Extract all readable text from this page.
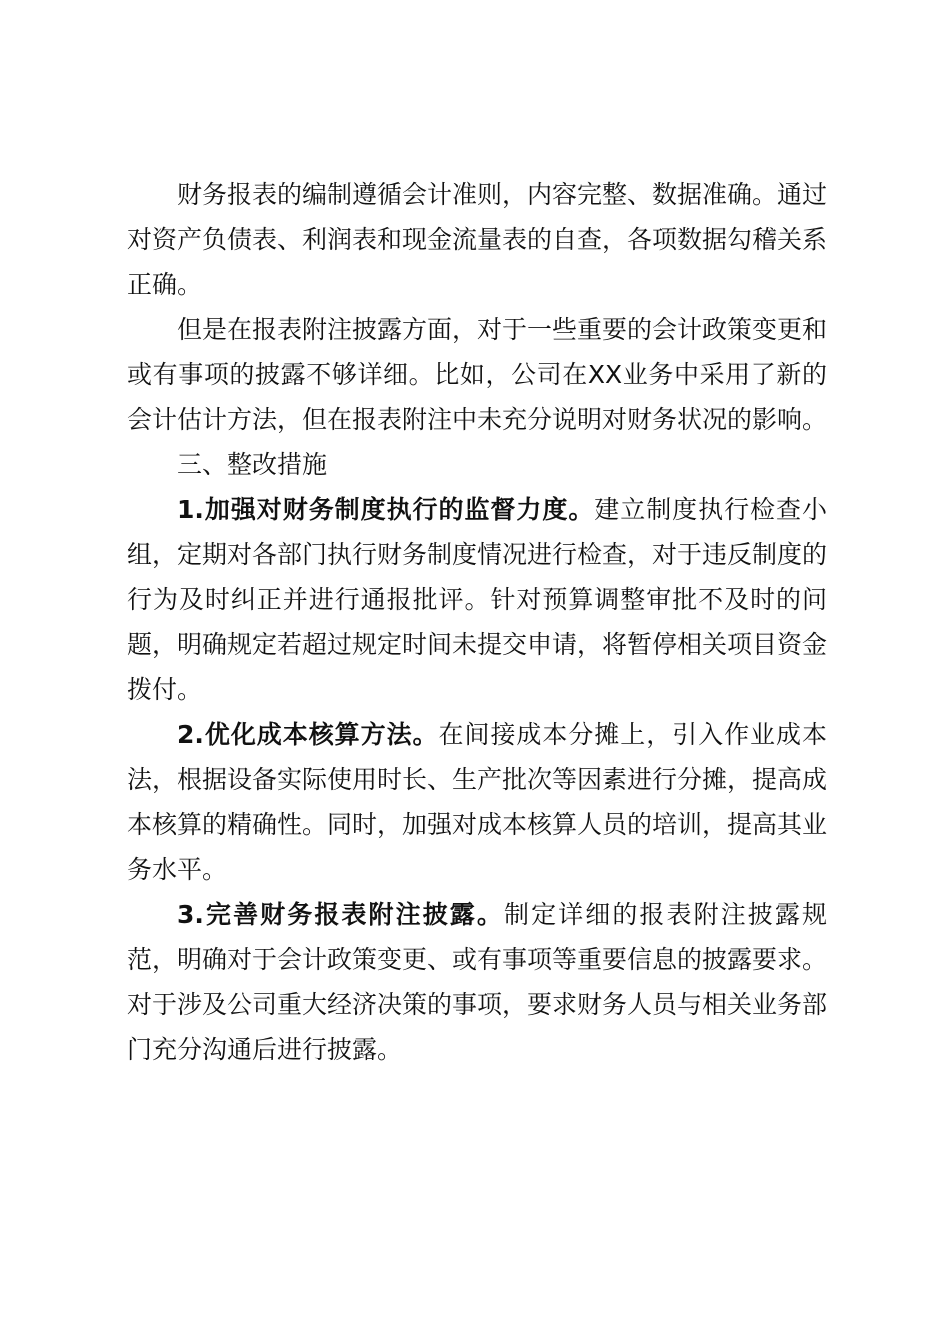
财务报表的编制遵循会计准则，内容完整、数据准确。通过对资产负债表、利润表和现金流量表的自查，各项数据勾稽关系正确。

但是在报表附注披露方面，对于一些重要的会计政策变更和或有事项的披露不够详细。比如，公司在XX业务中采用了新的会计估计方法，但在报表附注中未充分说明对财务状况的影响。

三、整改措施

1.加强对财务制度执行的监督力度。建立制度执行检查小组，定期对各部门执行财务制度情况进行检查，对于违反制度的行为及时纠正并进行通报批评。针对预算调整审批不及时的问题，明确规定若超过规定时间未提交申请，将暂停相关项目资金拨付。

2.优化成本核算方法。在间接成本分摊上，引入作业成本法，根据设备实际使用时长、生产批次等因素进行分摊，提高成本核算的精确性。同时，加强对成本核算人员的培训，提高其业务水平。

3.完善财务报表附注披露。制定详细的报表附注披露规范，明确对于会计政策变更、或有事项等重要信息的披露要求。对于涉及公司重大经济决策的事项，要求财务人员与相关业务部门充分沟通后进行披露。
